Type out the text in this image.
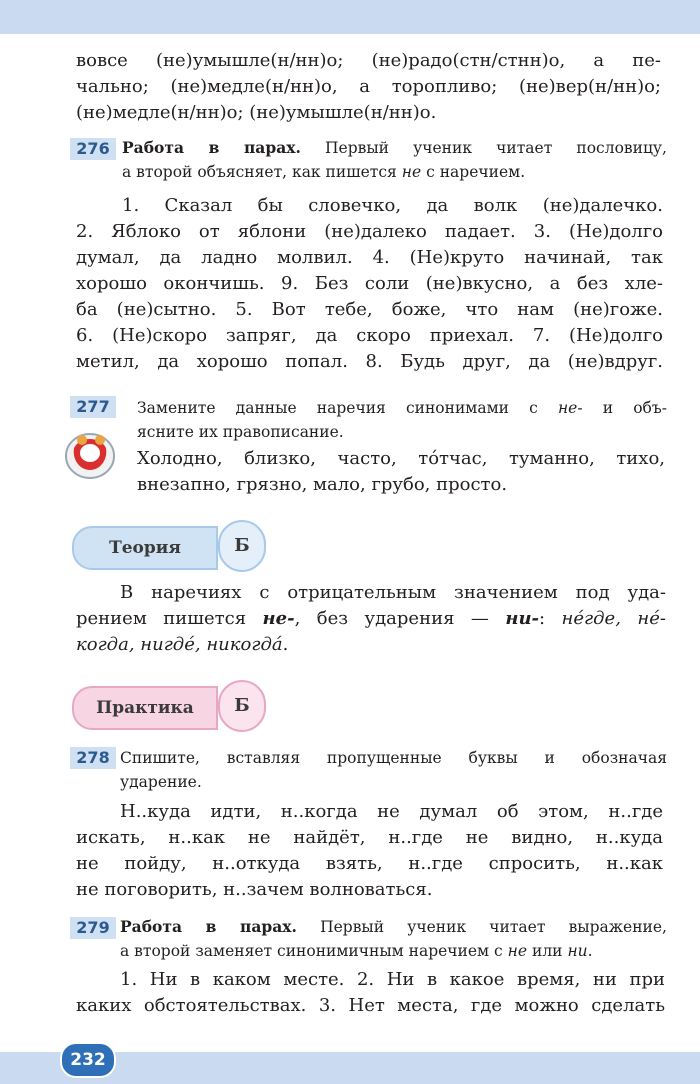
вовсе (не)умышле(н/нн)о; (не)радо(стн/стнн)о, а пе-
чально; (не)медле(н/нн)о, а торопливо; (не)вер(н/нн)о;
(не)медле(н/нн)о; (не)умышле(н/нн)о.
276 Работа в парах. Первый ученик читает пословицу,
а второй объясняет, как пишется не с наречием.
1. Сказал бы словечко, да волк (не)далечко.
2. Яблоко от яблони (не)далеко падает. 3. (Не)долго
думал, да ладно молвил. 4. (Не)круто начинай, так
хорошо окончишь. 9. Без соли (не)вкусно, а без хле-
ба (не)сытно. 5. Вот тебе, боже, что нам (не)гоже.
6. (Не)скоро запряг, да скоро приехал. 7. (Не)долго
метил, да хорошо попал. 8. Будь друг, да (не)вдруг.
277	Замените данные наречия синонимами с не- и объ-
ясните их правописание.
Холодно, близко, часто, то́тчас, туманно, тихо,
внезапно, грязно, мало, грубо, просто.
Теория	Б
В наречиях с отрицательным значением под уда-
рением пишется не-, без ударения — ни-: не́где, не́-
когда, нигде́, никогда́.
Практика	Б
278 Спишите, вставляя пропущенные буквы и обозначая
ударение.
Н..куда идти, н..когда не думал об этом, н..где
искать, н..как не найдёт, н..где не видно, н..куда
не пойду, н..откуда взять, н..где спросить, н..как
не поговорить, н..зачем волноваться.
279 Работа в парах. Первый ученик читает выражение,
а второй заменяет синонимичным наречием с не или ни.
1. Ни в каком месте. 2. Ни в какое время, ни при
каких обстоятельствах. 3. Нет места, где можно сделать
232
